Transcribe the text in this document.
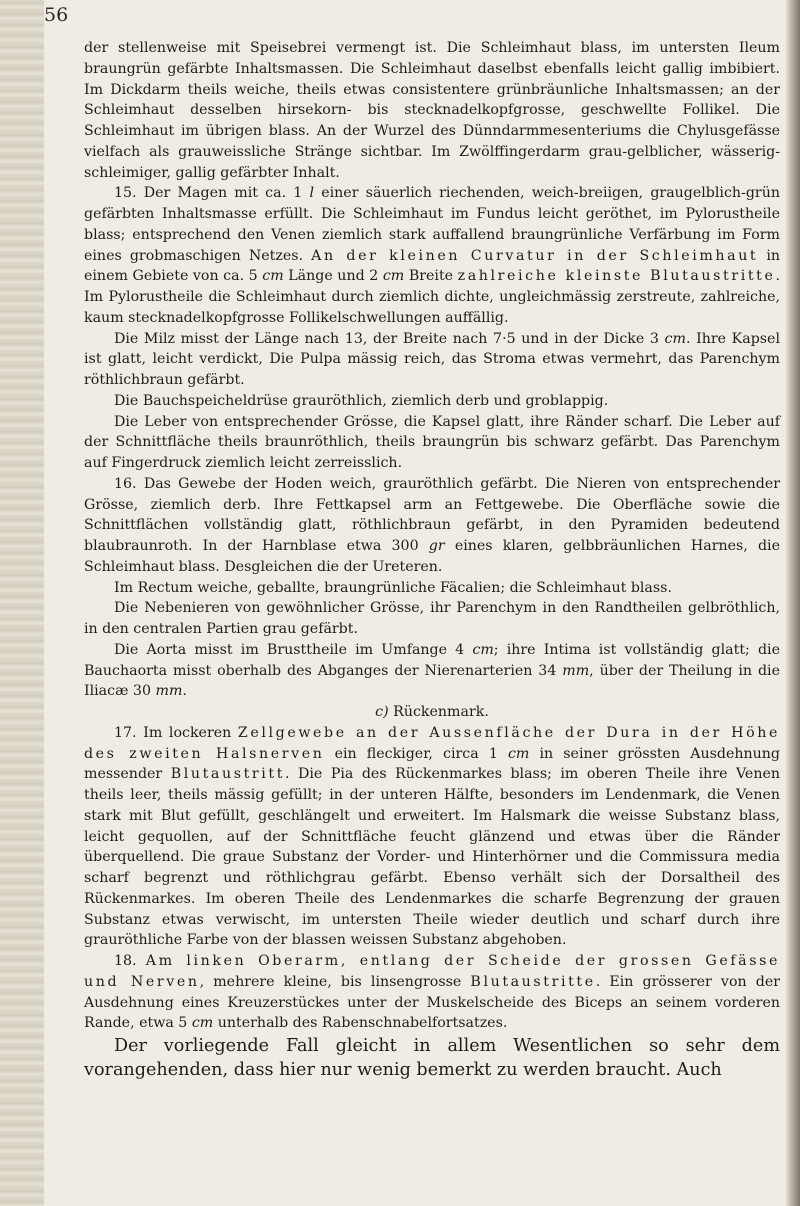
56

der stellenweise mit Speisebrei vermengt ist. Die Schleimhaut blass, im untersten Ileum braungrün gefärbte Inhaltsmassen. Die Schleimhaut daselbst ebenfalls leicht gallig imbibiert. Im Dickdarm theils weiche, theils etwas consistentere grünbräunliche Inhaltsmassen; an der Schleimhaut desselben hirsekorn- bis stecknadelkopfgrosse, geschwellte Follikel. Die Schleimhaut im übrigen blass. An der Wurzel des Dünndarmmesenteriums die Chylusgefässe vielfach als grauweissliche Stränge sichtbar. Im Zwölffingerdarm grau-gelblicher, wässerig-schleimiger, gallig gefärbter Inhalt.

15. Der Magen mit ca. 1 l einer säuerlich riechenden, weich-breiigen, graugelblich-grün gefärbten Inhaltsmasse erfüllt. Die Schleimhaut im Fundus leicht geröthet, im Pylorustheile blass; entsprechend den Venen ziemlich stark auffallend braungrünliche Verfärbung im Form eines grobmaschigen Netzes. An der kleinen Curvatur in der Schleimhaut in einem Gebiete von ca. 5 cm Länge und 2 cm Breite zahlreiche kleinste Blutaustritte. Im Pylorustheile die Schleimhaut durch ziemlich dichte, ungleichmässig zerstreute, zahlreiche, kaum stecknadelkopfgrosse Follikelschwellungen auffällig.

Die Milz misst der Länge nach 13, der Breite nach 7·5 und in der Dicke 3 cm. Ihre Kapsel ist glatt, leicht verdickt, Die Pulpa mässig reich, das Stroma etwas vermehrt, das Parenchym röthlichbraun gefärbt.

Die Bauchspeicheldrüse grauröthlich, ziemlich derb und groblappig.

Die Leber von entsprechender Grösse, die Kapsel glatt, ihre Ränder scharf. Die Leber auf der Schnittfläche theils braunröthlich, theils braungrün bis schwarz gefärbt. Das Parenchym auf Fingerdruck ziemlich leicht zerreisslich.

16. Das Gewebe der Hoden weich, grauröthlich gefärbt. Die Nieren von entsprechender Grösse, ziemlich derb. Ihre Fettkapsel arm an Fettgewebe. Die Oberfläche sowie die Schnittflächen vollständig glatt, röthlichbraun gefärbt, in den Pyramiden bedeutend blaubraunroth. In der Harnblase etwa 300 gr eines klaren, gelbbräunlichen Harnes, die Schleimhaut blass. Desgleichen die der Ureteren.

Im Rectum weiche, geballte, braungrünliche Fäcalien; die Schleimhaut blass.

Die Nebenieren von gewöhnlicher Grösse, ihr Parenchym in den Randtheilen gelbröthlich, in den centralen Partien grau gefärbt.

Die Aorta misst im Brusttheile im Umfange 4 cm; ihre Intima ist vollständig glatt; die Bauchaorta misst oberhalb des Abganges der Nierenarterien 34 mm, über der Theilung in die Iliacæ 30 mm.

c) Rückenmark.

17. Im lockeren Zellgewebe an der Aussenfläche der Dura in der Höhe des zweiten Halsnerven ein fleckiger, circa 1 cm in seiner grössten Ausdehnung messender Blutaustritt. Die Pia des Rückenmarkes blass; im oberen Theile ihre Venen theils leer, theils mässig gefüllt; in der unteren Hälfte, besonders im Lendenmark, die Venen stark mit Blut gefüllt, geschlängelt und erweitert. Im Halsmark die weisse Substanz blass, leicht gequollen, auf der Schnittfläche feucht glänzend und etwas über die Ränder überquellend. Die graue Substanz der Vorder- und Hinterhörner und die Commissura media scharf begrenzt und röthlichgrau gefärbt. Ebenso verhält sich der Dorsaltheil des Rückenmarkes. Im oberen Theile des Lendenmarkes die scharfe Begrenzung der grauen Substanz etwas verwischt, im untersten Theile wieder deutlich und scharf durch ihre grauröthliche Farbe von der blassen weissen Substanz abgehoben.

18. Am linken Oberarm, entlang der Scheide der grossen Gefässe und Nerven, mehrere kleine, bis linsengrosse Blutaustritte. Ein grösserer von der Ausdehnung eines Kreuzerstückes unter der Muskelscheide des Biceps an seinem vorderen Rande, etwa 5 cm unterhalb des Rabenschnabelfortsatzes.

Der vorliegende Fall gleicht in allem Wesentlichen so sehr dem vorangehenden, dass hier nur wenig bemerkt zu werden braucht. Auch
